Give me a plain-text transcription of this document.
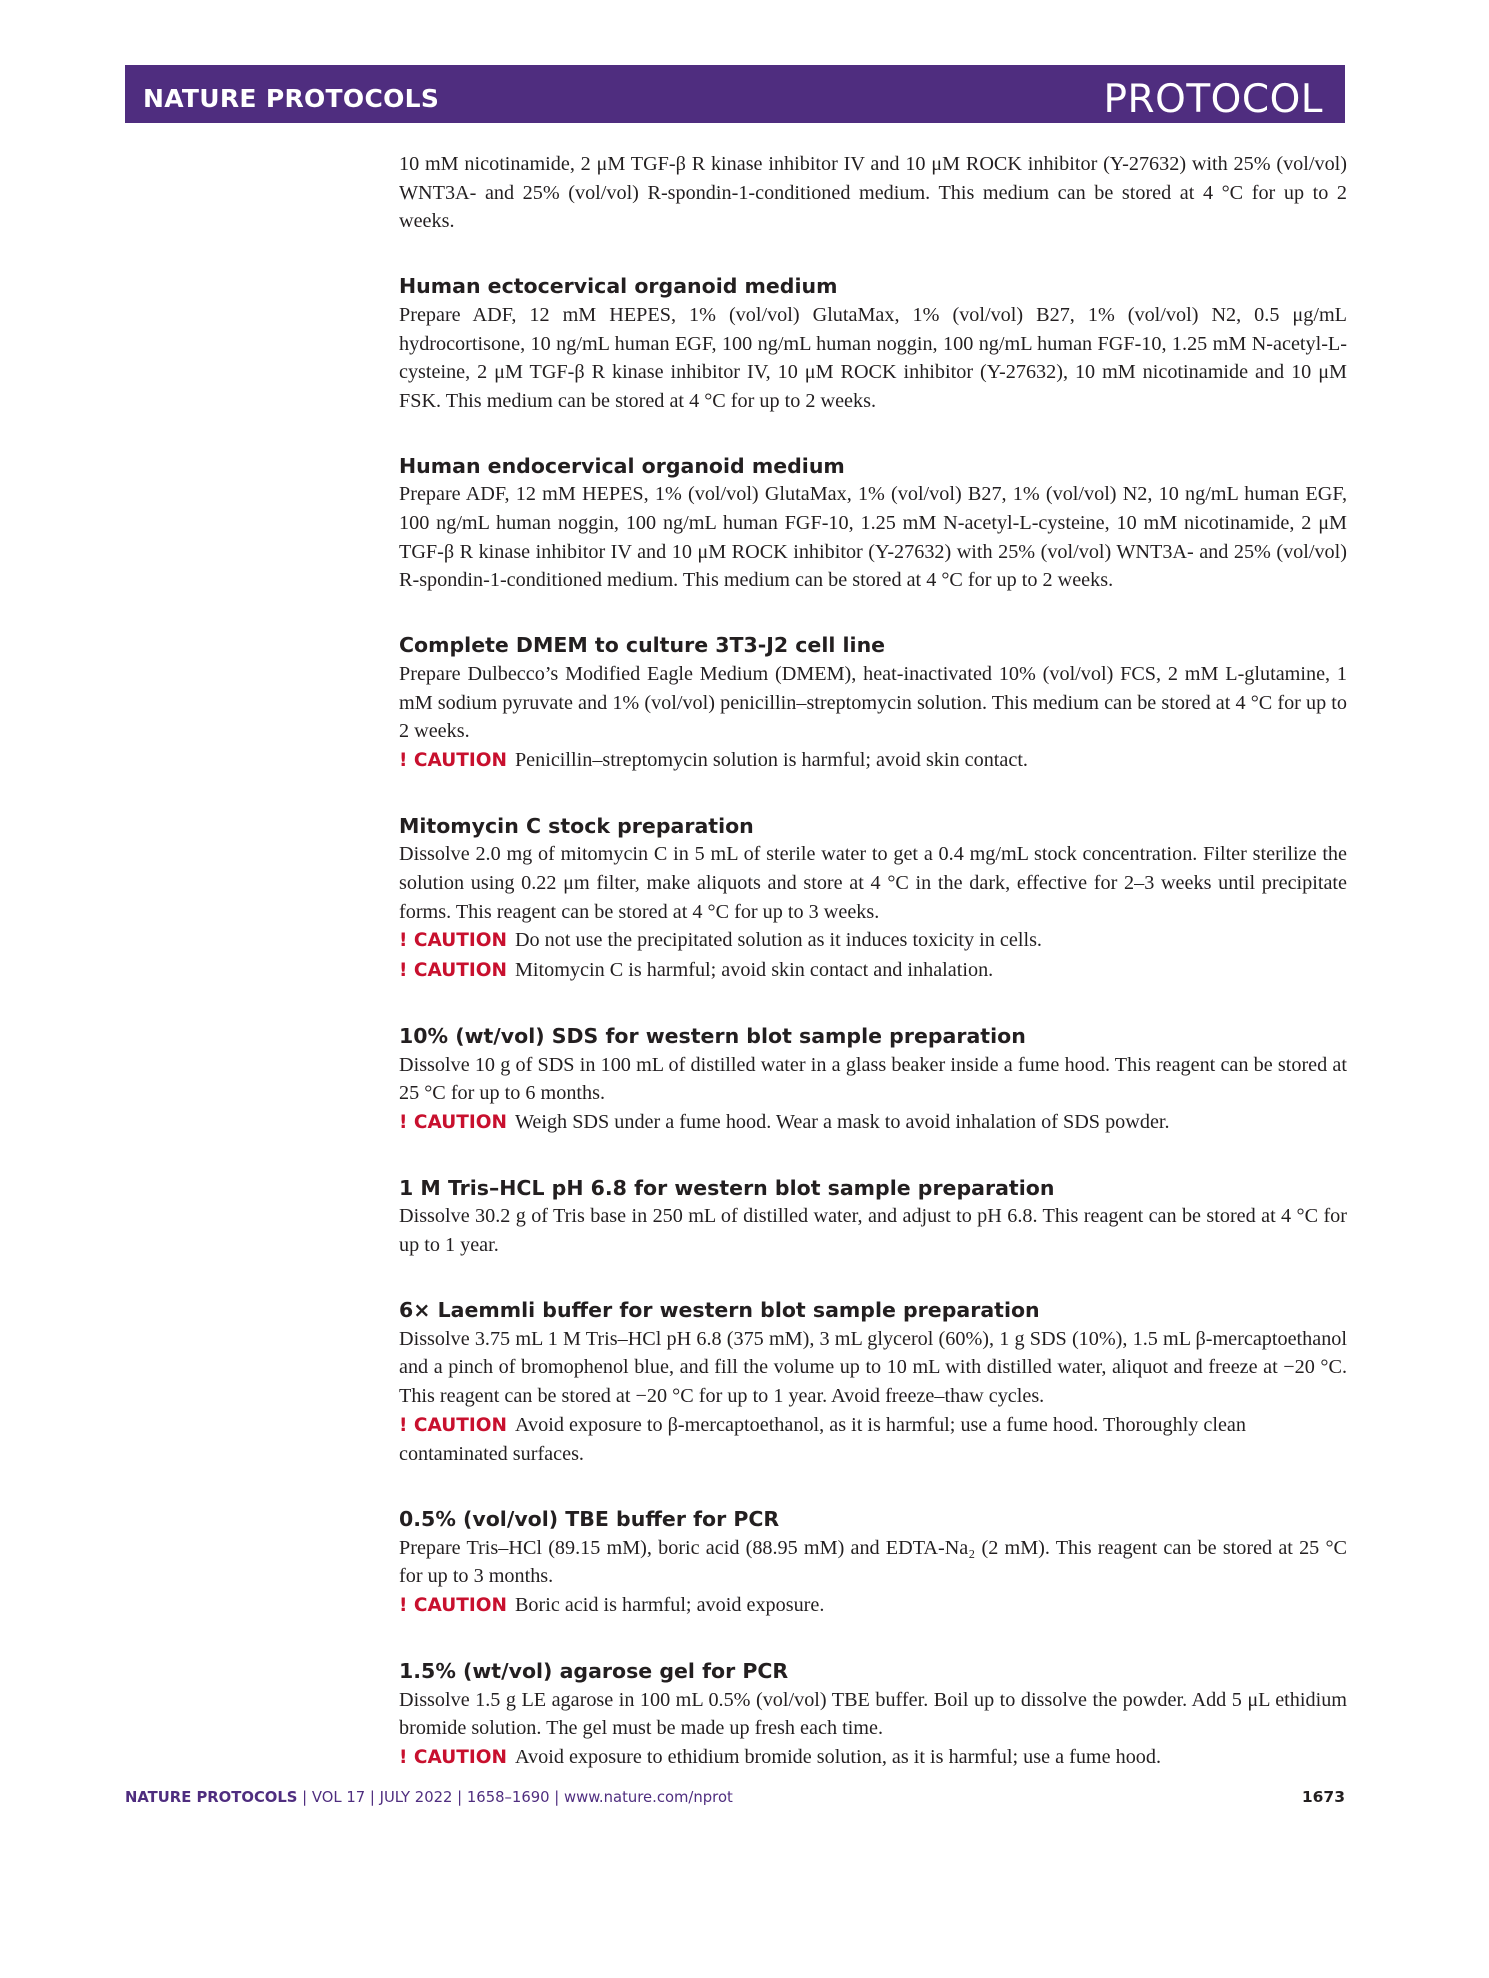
NATURE PROTOCOLS	PROTOCOL

10 mM nicotinamide, 2 μM TGF-β R kinase inhibitor IV and 10 μM ROCK inhibitor (Y-27632) with 25% (vol/vol) WNT3A- and 25% (vol/vol) R-spondin-1-conditioned medium. This medium can be stored at 4 °C for up to 2 weeks.

Human ectocervical organoid medium

Prepare ADF, 12 mM HEPES, 1% (vol/vol) GlutaMax, 1% (vol/vol) B27, 1% (vol/vol) N2, 0.5 μg/mL hydrocortisone, 10 ng/mL human EGF, 100 ng/mL human noggin, 100 ng/mL human FGF-10, 1.25 mM N-acetyl-L-cysteine, 2 μM TGF-β R kinase inhibitor IV, 10 μM ROCK inhibitor (Y-27632), 10 mM nicotinamide and 10 μM FSK. This medium can be stored at 4 °C for up to 2 weeks.

Human endocervical organoid medium

Prepare ADF, 12 mM HEPES, 1% (vol/vol) GlutaMax, 1% (vol/vol) B27, 1% (vol/vol) N2, 10 ng/mL human EGF, 100 ng/mL human noggin, 100 ng/mL human FGF-10, 1.25 mM N-acetyl-L-cysteine, 10 mM nicotinamide, 2 μM TGF-β R kinase inhibitor IV and 10 μM ROCK inhibitor (Y-27632) with 25% (vol/vol) WNT3A- and 25% (vol/vol) R-spondin-1-conditioned medium. This medium can be stored at 4 °C for up to 2 weeks.

Complete DMEM to culture 3T3-J2 cell line

Prepare Dulbecco’s Modified Eagle Medium (DMEM), heat-inactivated 10% (vol/vol) FCS, 2 mM L-glutamine, 1 mM sodium pyruvate and 1% (vol/vol) penicillin–streptomycin solution. This medium can be stored at 4 °C for up to 2 weeks.

! CAUTION Penicillin–streptomycin solution is harmful; avoid skin contact.

Mitomycin C stock preparation

Dissolve 2.0 mg of mitomycin C in 5 mL of sterile water to get a 0.4 mg/mL stock concentration. Filter sterilize the solution using 0.22 μm filter, make aliquots and store at 4 °C in the dark, effective for 2–3 weeks until precipitate forms. This reagent can be stored at 4 °C for up to 3 weeks.

! CAUTION Do not use the precipitated solution as it induces toxicity in cells.

! CAUTION Mitomycin C is harmful; avoid skin contact and inhalation.

10% (wt/vol) SDS for western blot sample preparation

Dissolve 10 g of SDS in 100 mL of distilled water in a glass beaker inside a fume hood. This reagent can be stored at 25 °C for up to 6 months.

! CAUTION Weigh SDS under a fume hood. Wear a mask to avoid inhalation of SDS powder.

1 M Tris–HCL pH 6.8 for western blot sample preparation

Dissolve 30.2 g of Tris base in 250 mL of distilled water, and adjust to pH 6.8. This reagent can be stored at 4 °C for up to 1 year.

6× Laemmli buffer for western blot sample preparation

Dissolve 3.75 mL 1 M Tris–HCl pH 6.8 (375 mM), 3 mL glycerol (60%), 1 g SDS (10%), 1.5 mL β-mercaptoethanol and a pinch of bromophenol blue, and fill the volume up to 10 mL with distilled water, aliquot and freeze at −20 °C. This reagent can be stored at −20 °C for up to 1 year. Avoid freeze–thaw cycles.

! CAUTION Avoid exposure to β-mercaptoethanol, as it is harmful; use a fume hood. Thoroughly clean contaminated surfaces.

0.5% (vol/vol) TBE buffer for PCR

Prepare Tris–HCl (89.15 mM), boric acid (88.95 mM) and EDTA-Na₂ (2 mM). This reagent can be stored at 25 °C for up to 3 months.

! CAUTION Boric acid is harmful; avoid exposure.

1.5% (wt/vol) agarose gel for PCR

Dissolve 1.5 g LE agarose in 100 mL 0.5% (vol/vol) TBE buffer. Boil up to dissolve the powder. Add 5 μL ethidium bromide solution. The gel must be made up fresh each time.

! CAUTION Avoid exposure to ethidium bromide solution, as it is harmful; use a fume hood.

NATURE PROTOCOLS | VOL 17 | JULY 2022 | 1658–1690 | www.nature.com/nprot	1673
